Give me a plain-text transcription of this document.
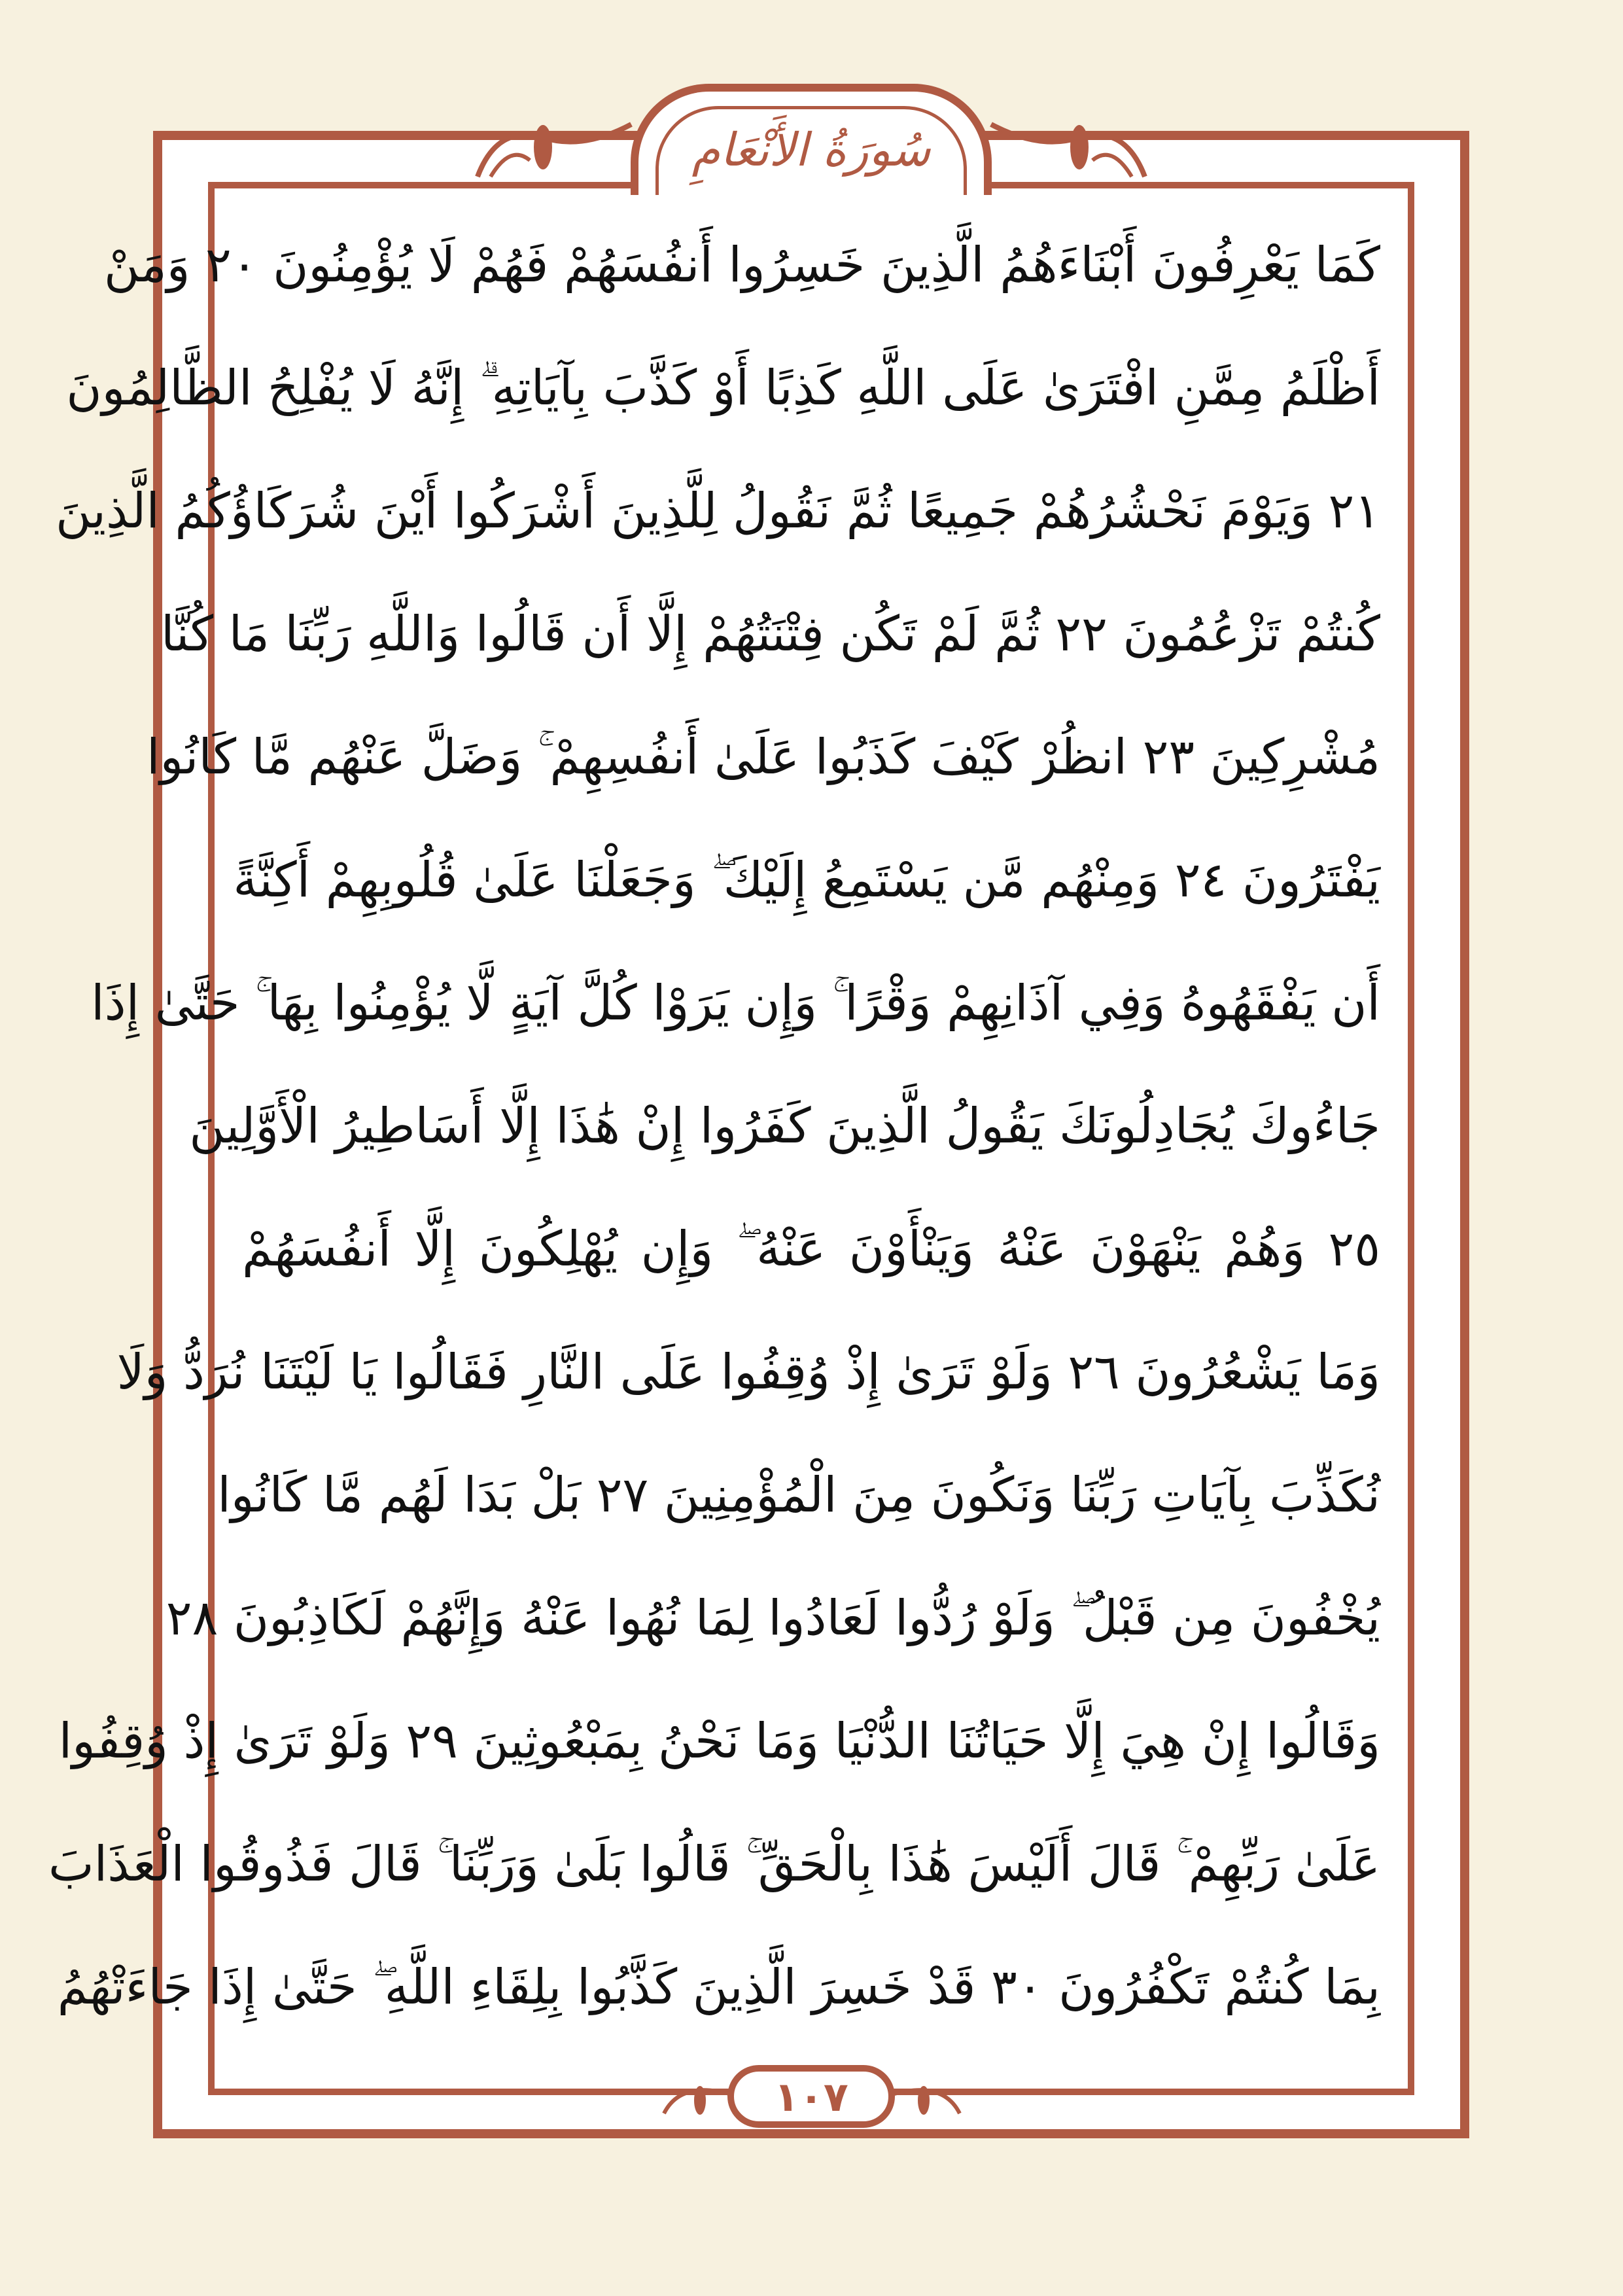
سُورَةُ الأَنْعَامِ
كَمَا يَعْرِفُونَ أَبْنَاءَهُمُ الَّذِينَ خَسِرُوا أَنفُسَهُمْ فَهُمْ لَا يُؤْمِنُونَ ٢٠ وَمَنْ
أَظْلَمُ مِمَّنِ افْتَرَىٰ عَلَى اللَّهِ كَذِبًا أَوْ كَذَّبَ بِآيَاتِهِ ۗ إِنَّهُ لَا يُفْلِحُ الظَّالِمُونَ
٢١ وَيَوْمَ نَحْشُرُهُمْ جَمِيعًا ثُمَّ نَقُولُ لِلَّذِينَ أَشْرَكُوا أَيْنَ شُرَكَاؤُكُمُ الَّذِينَ
كُنتُمْ تَزْعُمُونَ ٢٢ ثُمَّ لَمْ تَكُن فِتْنَتُهُمْ إِلَّا أَن قَالُوا وَاللَّهِ رَبِّنَا مَا كُنَّا
مُشْرِكِينَ ٢٣ انظُرْ كَيْفَ كَذَبُوا عَلَىٰ أَنفُسِهِمْ ۚ وَضَلَّ عَنْهُم مَّا كَانُوا
يَفْتَرُونَ ٢٤ وَمِنْهُم مَّن يَسْتَمِعُ إِلَيْكَ ۖ وَجَعَلْنَا عَلَىٰ قُلُوبِهِمْ أَكِنَّةً
أَن يَفْقَهُوهُ وَفِي آذَانِهِمْ وَقْرًا ۚ وَإِن يَرَوْا كُلَّ آيَةٍ لَّا يُؤْمِنُوا بِهَا ۚ حَتَّىٰ إِذَا
جَاءُوكَ يُجَادِلُونَكَ يَقُولُ الَّذِينَ كَفَرُوا إِنْ هَٰذَا إِلَّا أَسَاطِيرُ الْأَوَّلِينَ
٢٥ وَهُمْ يَنْهَوْنَ عَنْهُ وَيَنْأَوْنَ عَنْهُ ۖ وَإِن يُهْلِكُونَ إِلَّا أَنفُسَهُمْ
وَمَا يَشْعُرُونَ ٢٦ وَلَوْ تَرَىٰ إِذْ وُقِفُوا عَلَى النَّارِ فَقَالُوا يَا لَيْتَنَا نُرَدُّ وَلَا
نُكَذِّبَ بِآيَاتِ رَبِّنَا وَنَكُونَ مِنَ الْمُؤْمِنِينَ ٢٧ بَلْ بَدَا لَهُم مَّا كَانُوا
يُخْفُونَ مِن قَبْلُ ۖ وَلَوْ رُدُّوا لَعَادُوا لِمَا نُهُوا عَنْهُ وَإِنَّهُمْ لَكَاذِبُونَ ٢٨
وَقَالُوا إِنْ هِيَ إِلَّا حَيَاتُنَا الدُّنْيَا وَمَا نَحْنُ بِمَبْعُوثِينَ ٢٩ وَلَوْ تَرَىٰ إِذْ وُقِفُوا
عَلَىٰ رَبِّهِمْ ۚ قَالَ أَلَيْسَ هَٰذَا بِالْحَقِّ ۚ قَالُوا بَلَىٰ وَرَبِّنَا ۚ قَالَ فَذُوقُوا الْعَذَابَ
بِمَا كُنتُمْ تَكْفُرُونَ ٣٠ قَدْ خَسِرَ الَّذِينَ كَذَّبُوا بِلِقَاءِ اللَّهِ ۖ حَتَّىٰ إِذَا جَاءَتْهُمُ
١٠٧
